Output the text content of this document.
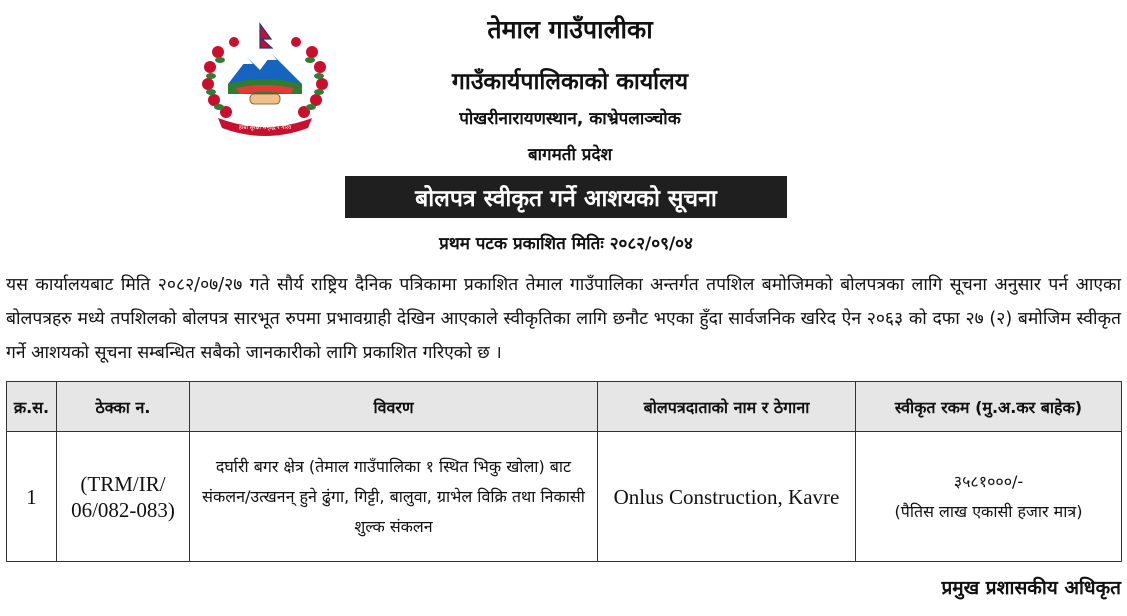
हाम्रो सुरक्षा समृद्धि र गौरव
तेमाल गाउँपालीका
गाउँकार्यपालिकाको कार्यालय
पोखरीनारायणस्थान, काभ्रेपलाञ्चोक
बागमती प्रदेश
बोलपत्र स्वीकृत गर्ने आशयको सूचना
प्रथम पटक प्रकाशित मितिः २०८२/०९/०४
यस कार्यालयबाट मिति २०८२/०७/२७ गते सौर्य राष्ट्रिय दैनिक पत्रिकामा प्रकाशित तेमाल गाउँपालिका अन्तर्गत तपशिल बमोजिमको बोलपत्रका लागि सूचना अनुसार पर्न आएका बोलपत्रहरु मध्ये तपशिलको बोलपत्र सारभूत रुपमा प्रभावग्राही देखिन आएकाले स्वीकृतिका लागि छनौट भएका हुँदा सार्वजनिक खरिद ऐन २०६३ को दफा २७ (२) बमोजिम स्वीकृत गर्ने आशयको सूचना सम्बन्धित सबैको जानकारीको लागि प्रकाशित गरिएको छ ।
क्र.स.	ठेक्का न.	विवरण	बोलपत्रदाताको नाम र ठेगाना	स्वीकृत रकम (मु.अ.कर बाहेक)
1	(TRM/IR/ 06/082-083)	दर्घारी बगर क्षेत्र (तेमाल गाउँपालिका १ स्थित भिकु खोला) बाट संकलन/उत्खनन् हुने ढुंगा, गिट्टी, बालुवा, ग्राभेल विक्रि तथा निकासी शुल्क संकलन	Onlus Construction, Kavre	३५८१०००/-
(पैतिस लाख एकासी हजार मात्र)
प्रमुख प्रशासकीय अधिकृत
